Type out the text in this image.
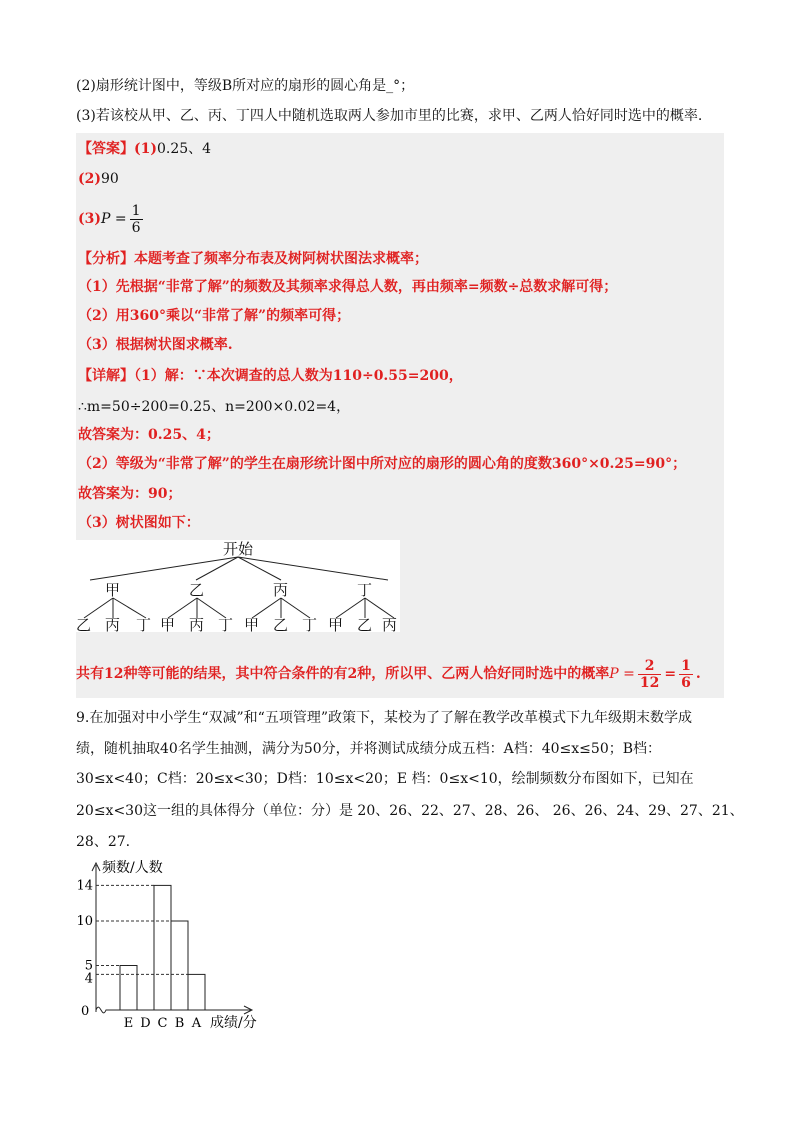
(2)扇形统计图中，等级B所对应的扇形的圆心角是_°；
(3)若该校从甲、乙、丙、丁四人中随机选取两人参加市里的比赛，求甲、乙两人恰好同时选中的概率.
【答案】(1)0.25、4
(2)90
$(3)P = \frac{1}{6}$
【分析】本题考查了频率分布表及树阿树状图法求概率；
（1）先根据“非常了解”的频数及其频率求得总人数，再由频率=频数÷总数求解可得；
（2）用360°乘以“非常了解”的频率可得；
（3）根据树状图求概率.
【详解】（1）解：∵本次调查的总人数为110÷0.55=200，
∴m=50÷200=0.25、n=200×0.02=4，
故答案为：0.25、4；
（2）等级为“非常了解”的学生在扇形统计图中所对应的扇形的圆心角的度数360°×0.25=90°；
故答案为：90；
（3）树状图如下：
开始
甲	乙	丙	丁
乙 丙 丁 甲 丙 丁 甲 乙 丁 甲 乙 丙
共有12种等可能的结果，其中符合条件的有2种，所以甲、乙两人恰好同时选中的概率$P = \frac{2}{12} = \frac{1}{6}$ .
9.在加强对中小学生“双减”和“五项管理”政策下，某校为了了解在教学改革模式下九年级期末数学成
绩，随机抽取40名学生抽测，满分为50分，并将测试成绩分成五档：A档：40≤x≤50；B档：
30≤x<40；C档：20≤x<30；D档：10≤x<20；E 档：0≤x<10，绘制频数分布图如下，已知在
20≤x<30这一组的具体得分（单位：分）是 20、26、22、27、28、26、 26、26、24、29、27、21、
28、27.
4
5
10
14
E D C B A
0
频数/人数
成绩/分
